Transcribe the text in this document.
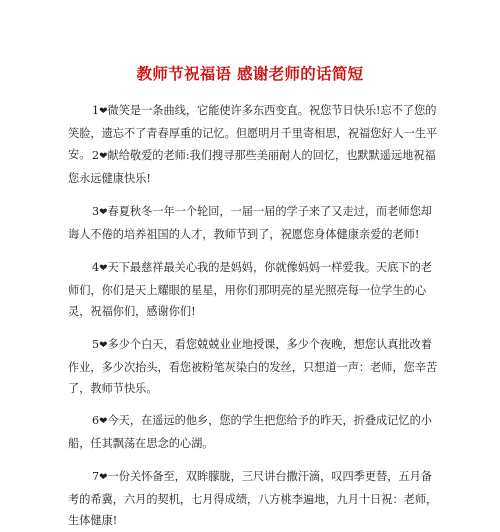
教师节祝福语 感谢老师的话简短

1❤微笑是一条曲线，它能使许多东西变直。祝您节日快乐!忘不了您的笑脸，遗忘不了青春厚重的记忆。但愿明月千里寄相思，祝福您好人一生平安。 2❤献给敬爱的老师:我们搜寻那些美丽耐人的回忆，也默默遥远地祝福您永远健康快乐!

3❤春夏秋冬一年一个轮回，一届一届的学子来了又走过，而老师您却诲人不倦的培养祖国的人才，教师节到了，祝愿您身体健康亲爱的老师!

4❤天下最慈祥最关心我的是妈妈，你就像妈妈一样爱我。天底下的老师们，你们是天上耀眼的星星，用你们那明亮的星光照亮每一位学生的心灵，祝福你们，感谢你们!

5❤多少个白天，看您兢兢业业地授课，多少个夜晚，想您认真批改着作业，多少次抬头，看您被粉笔灰染白的发丝，只想道一声：老师，您辛苦了，教师节快乐。

6❤今天，在遥远的他乡，您的学生把您给予的昨天，折叠成记忆的小船，任其飘荡在思念的心湖。

7❤一份关怀备至，双眸朦胧，三尺讲台撒汗滴，叹四季更替，五月备考的希冀，六月的契机，七月得成绩，八方桃李遍地，九月十日祝：老师，生体健康!
